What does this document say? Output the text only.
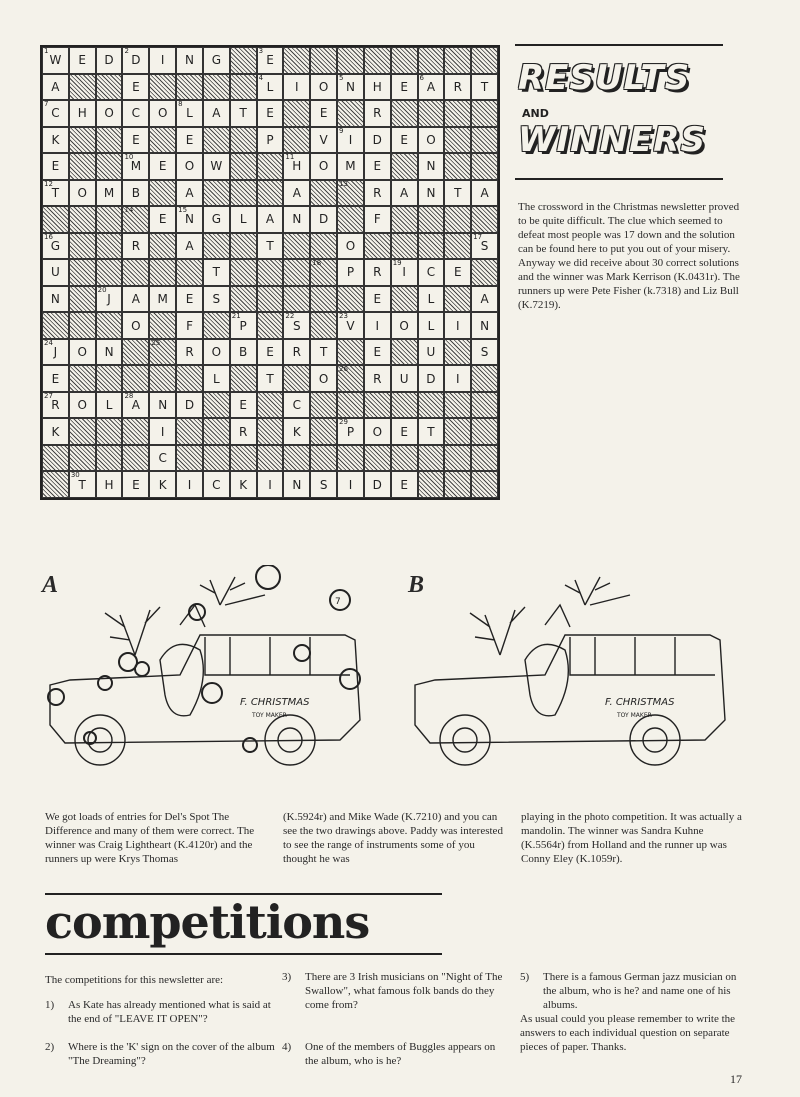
W
1
E D D
2
I N G	E
3
A	E	L
4
I O N
5
H E A
6
R T
C
7
H O C O L
8
A T E	E	R
K	E	E	P	V I
9
D E O
E	M
10
E O W	H
11
O M E	N
T
12
O M B	A	A
13
R A N T A
14
E N
15
G L A N D	F
G
16
R	A	T	O	S
17
U	T
18
P R I
19
C E
N	J
20
A M E S	E	L	A
O	F	P
21
S
22
V
23
I O L I N
J
24
O N
25
R O B E R T	E	U	S
E	L	T	O
26
R U D I
R
27
O L A
28
N D	E	C
K	I	R	K	P
29
O E T
C
T
30
H E K I C K I N S I D E
RESULTS
AND
WINNERS
The crossword in the Christmas newsletter proved to be quite difficult. The clue which seemed to defeat most people was 17 down and the solution can be found here to put you out of your misery. Anyway we did receive about 30 correct solutions and the winner was Mark Kerrison (K.0431r). The runners up were Pete Fisher (k.7318) and Liz Bull (K.7219).
A	B
7
F. CHRISTMAS
TOY MAKER
F. CHRISTMAS
TOY MAKER
We got loads of entries for Del's Spot The Difference and many of them were correct. The winner was Craig Lightheart (K.4120r) and the runners up were Krys Thomas
(K.5924r) and Mike Wade (K.7210) and you can see the two drawings above. Paddy was interested to see the range of instruments some of you thought he was
playing in the photo competition. It was actually a mandolin. The winner was Sandra Kuhne (K.5564r) from Holland and the runner up was Conny Eley (K.1059r).
competitions
The competitions for this newsletter are:
1) As Kate has already mentioned what is said at the end of "LEAVE IT OPEN"?
2) Where is the 'K' sign on the cover of the album "The Dreaming"?
3) There are 3 Irish musicians on "Night of The Swallow", what famous folk bands do they come from?
4) One of the members of Buggles appears on the album, who is he?
5) There is a famous German jazz musician on the album, who is he? and name one of his albums.
As usual could you please remember to write the answers to each individual question on separate pieces of paper. Thanks.
17
